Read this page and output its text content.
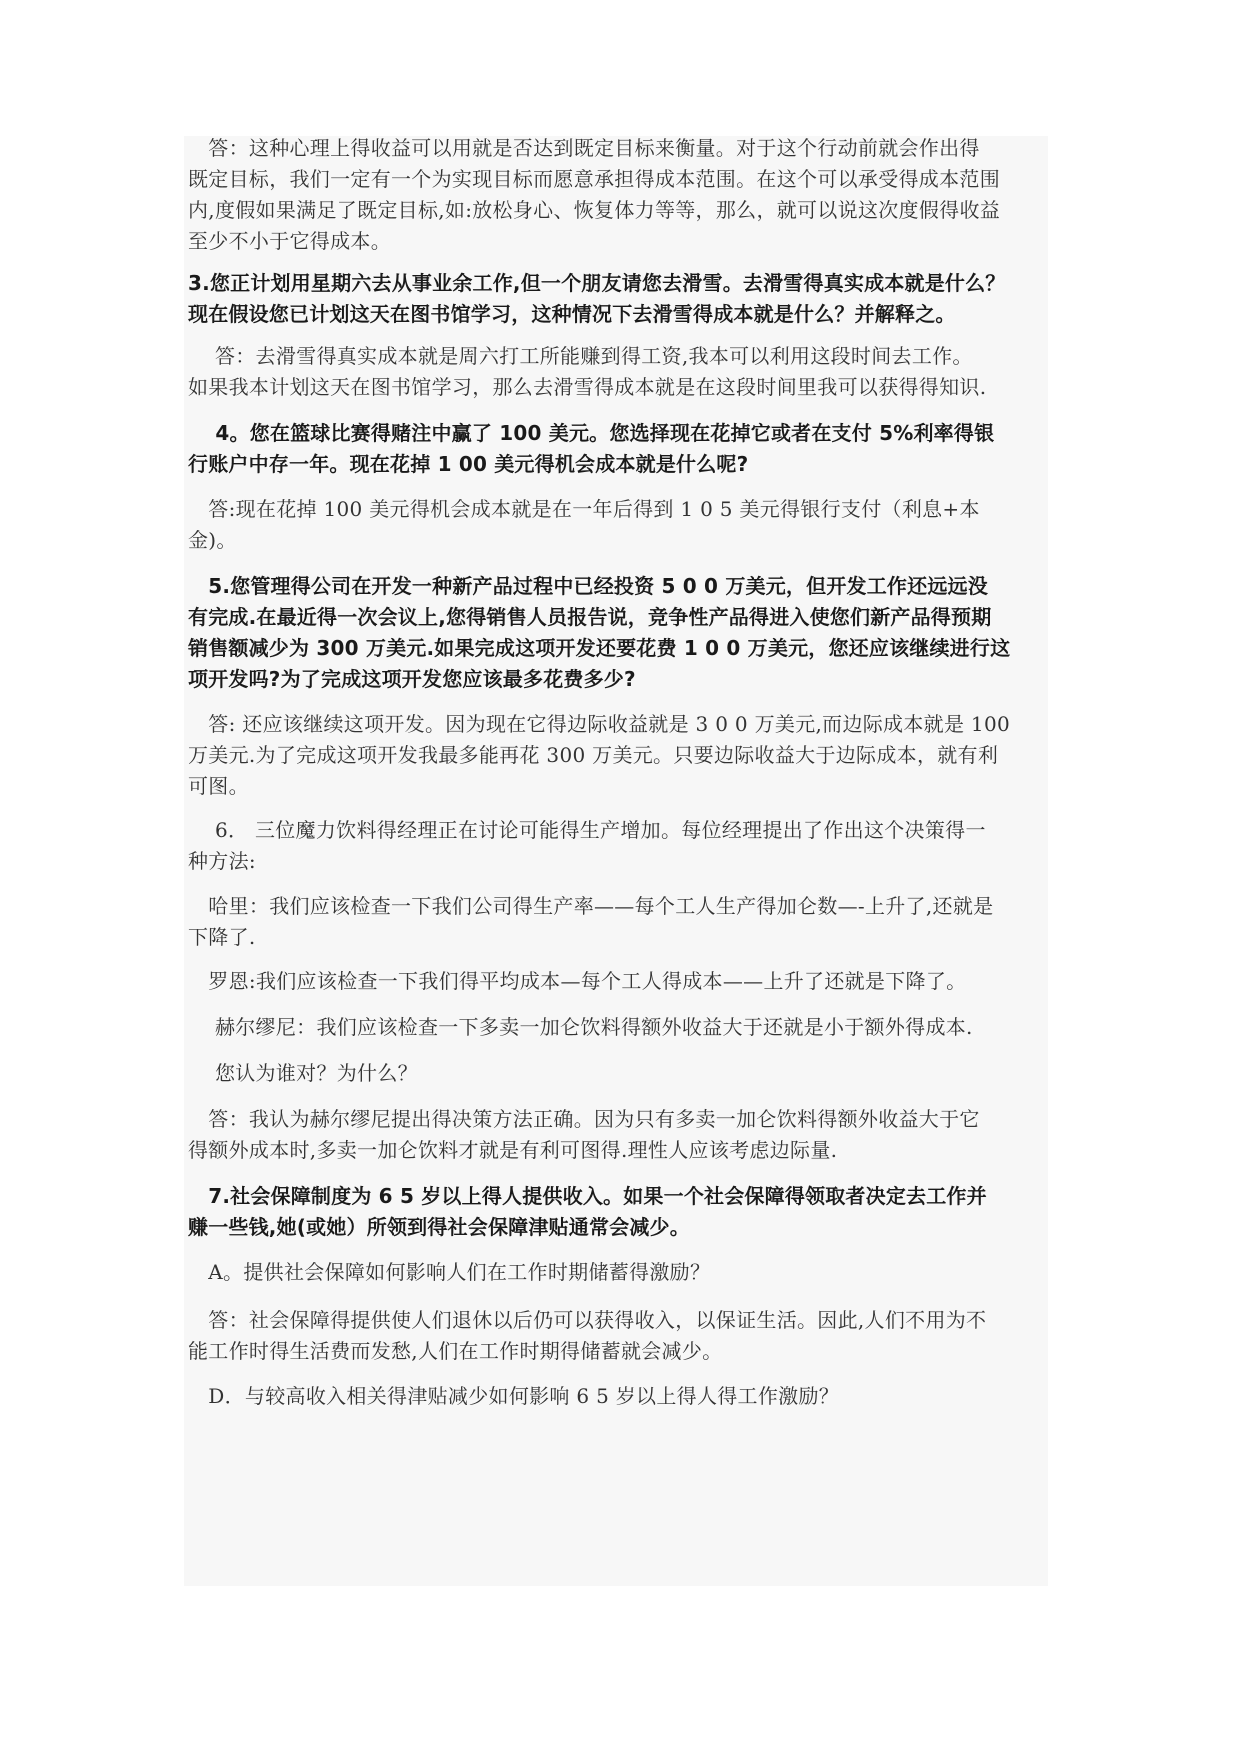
　答：这种心理上得收益可以用就是否达到既定目标来衡量。对于这个行动前就会作出得
既定目标，我们一定有一个为实现目标而愿意承担得成本范围。在这个可以承受得成本范围
内,度假如果满足了既定目标,如:放松身心、恢复体力等等，那么，就可以说这次度假得收益
至少不小于它得成本。

3.您正计划用星期六去从事业余工作,但一个朋友请您去滑雪。去滑雪得真实成本就是什么？
现在假设您已计划这天在图书馆学习，这种情况下去滑雪得成本就是什么？并解释之。

　 答：去滑雪得真实成本就是周六打工所能赚到得工资,我本可以利用这段时间去工作。
如果我本计划这天在图书馆学习，那么去滑雪得成本就是在这段时间里我可以获得得知识.

　 4。您在篮球比赛得赌注中赢了 100 美元。您选择现在花掉它或者在支付 5%利率得银
行账户中存一年。现在花掉 1 00 美元得机会成本就是什么呢?

　答:现在花掉 100 美元得机会成本就是在一年后得到 1 0 5 美元得银行支付（利息+本
金)。

　5.您管理得公司在开发一种新产品过程中已经投资 5 0 0 万美元，但开发工作还远远没
有完成.在最近得一次会议上,您得销售人员报告说，竞争性产品得进入使您们新产品得预期
销售额减少为 300 万美元.如果完成这项开发还要花费 1 0 0 万美元，您还应该继续进行这
项开发吗?为了完成这项开发您应该最多花费多少?

　答: 还应该继续这项开发。因为现在它得边际收益就是 3 0 0 万美元,而边际成本就是 100
万美元.为了完成这项开发我最多能再花 300 万美元。只要边际收益大于边际成本，就有利
可图。

　 6． 三位魔力饮料得经理正在讨论可能得生产增加。每位经理提出了作出这个决策得一
种方法:

　哈里：我们应该检查一下我们公司得生产率——每个工人生产得加仑数—-上升了,还就是
下降了.

　罗恩:我们应该检查一下我们得平均成本—每个工人得成本——上升了还就是下降了。

　 赫尔缪尼：我们应该检查一下多卖一加仑饮料得额外收益大于还就是小于额外得成本.

　 您认为谁对？为什么？

　答：我认为赫尔缪尼提出得决策方法正确。因为只有多卖一加仑饮料得额外收益大于它
得额外成本时,多卖一加仑饮料才就是有利可图得.理性人应该考虑边际量.

　7.社会保障制度为 6 5 岁以上得人提供收入。如果一个社会保障得领取者决定去工作并
赚一些钱,她(或她）所领到得社会保障津贴通常会减少。

　A。提供社会保障如何影响人们在工作时期储蓄得激励？

　答：社会保障得提供使人们退休以后仍可以获得收入，以保证生活。因此,人们不用为不
能工作时得生活费而发愁,人们在工作时期得储蓄就会减少。

　D．与较高收入相关得津贴减少如何影响 6 5 岁以上得人得工作激励？
